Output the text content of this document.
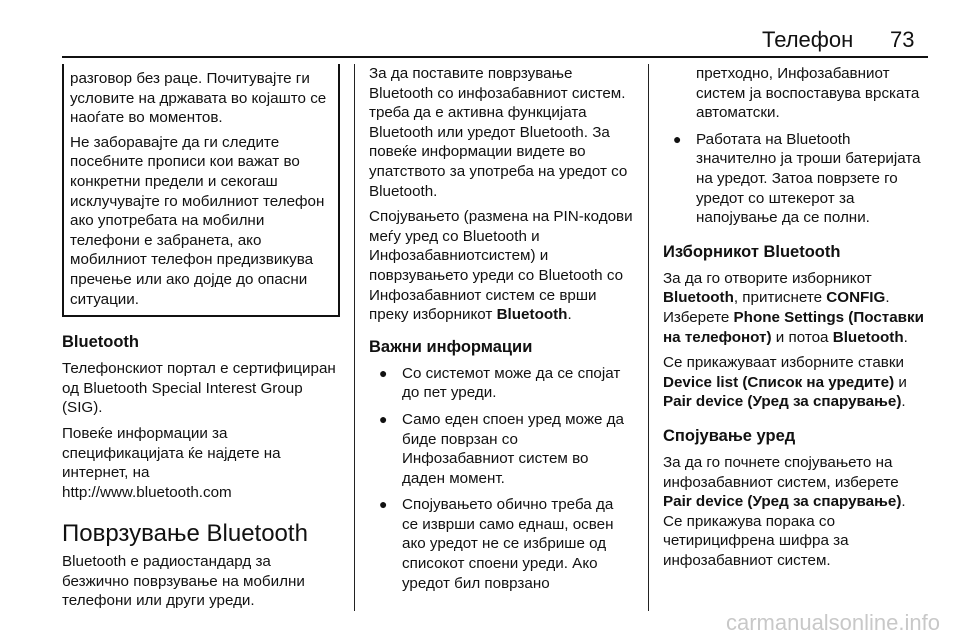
Телефон 73

разговор без раце. Почитувајте ги условите на државата во којашто се наоѓате во моментов.

Не заборавајте да ги следите посебните прописи кои важат во конкретни предели и секогаш исклучувајте го мобилниот телефон ако употребата на мобилни телефони е забранета, ако мобилниот телефон предизвикува пречење или ако дојде до опасни ситуации.

Bluetooth

Телефонскиот портал е сертифициран од Bluetooth Special Interest Group (SIG).

Повеќе информации за спецификацијата ќе најдете на интернет, на
http://www.bluetooth.com

Поврзување Bluetooth

Bluetooth е радиостандард за безжично поврзување на мобилни телефони или други уреди.

За да поставите поврзување Bluetooth со инфозабавниот систем. треба да е активна функцијата Bluetooth или уредот Bluetooth. За повеќе информации видете во упатството за употреба на уредот со Bluetooth.

Спојувањето (размена на PIN-кодови меѓу уред со Bluetooth и Инфозабавниотсистем) и поврзувањето уреди со Bluetooth со Инфозабавниот систем се врши преку изборникот Bluetooth.

Важни информации
● Со системот може да се спојат до пет уреди.
● Само еден споен уред може да биде поврзан со Инфозабавниот систем во даден момент.
● Спојувањето обично треба да се изврши само еднаш, освен ако уредот не се избрише од списокот споени уреди. Ако уредот бил поврзано

претходно, Инфозабавниот систем ја воспоставува врската автоматски.

● Работата на Bluetooth значително ја троши батеријата на уредот. Затоа поврзете го уредот со штекерот за напојување да се полни.
Изборникот Bluetooth

За да го отворите изборникот Bluetooth, притиснете CONFIG. Изберете Phone Settings (Поставки на телефонот) и потоа Bluetooth.

Се прикажуваат изборните ставки Device list (Список на уредите) и Pair device (Уред за спарување).

Спојување уред

За да го почнете спојувањето на инфозабавниот систем, изберете Pair device (Уред за спарување). Се прикажува порака со четирицифрена шифра за инфозабавниот систем.

carmanualsonline.info
